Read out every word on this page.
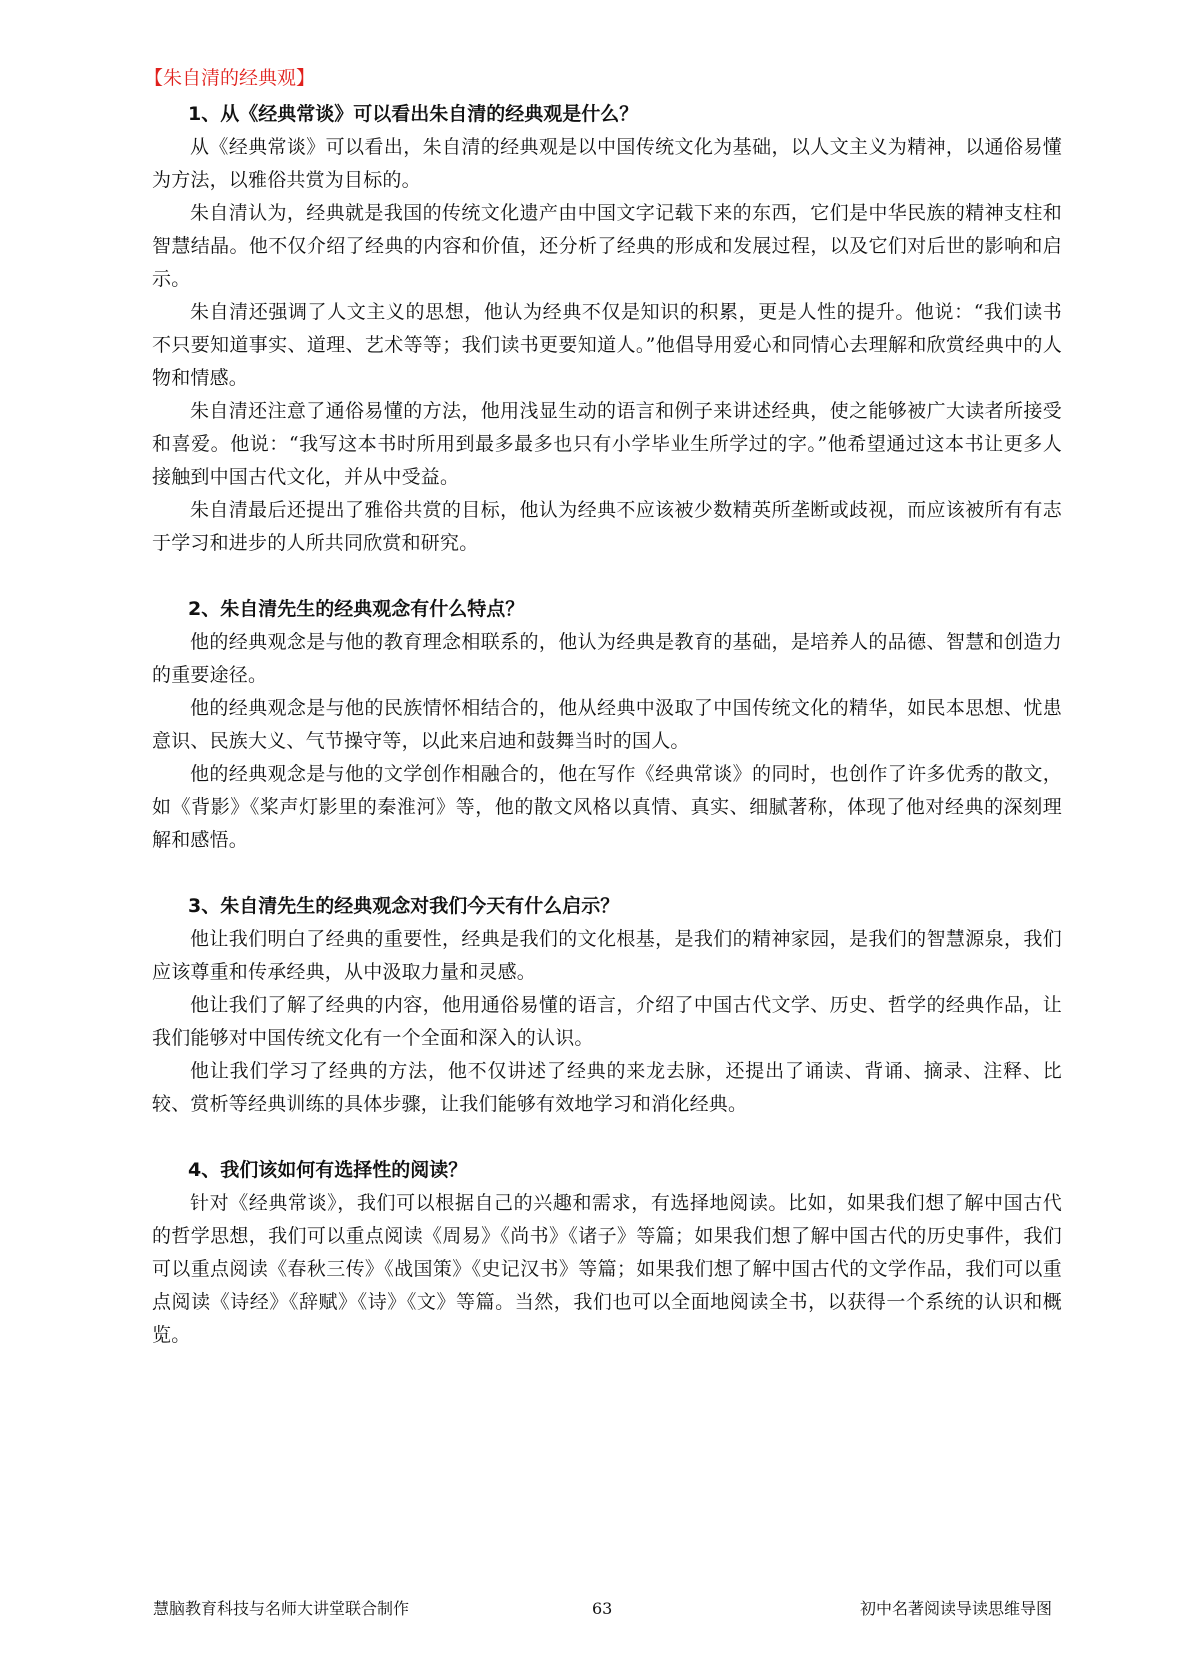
【朱自清的经典观】

1、从《经典常谈》可以看出朱自清的经典观是什么？

从《经典常谈》可以看出，朱自清的经典观是以中国传统文化为基础，以人文主义为精神，以通俗易懂为方法，以雅俗共赏为目标的。

朱自清认为，经典就是我国的传统文化遗产由中国文字记载下来的东西，它们是中华民族的精神支柱和智慧结晶。他不仅介绍了经典的内容和价值，还分析了经典的形成和发展过程，以及它们对后世的影响和启示。

朱自清还强调了人文主义的思想，他认为经典不仅是知识的积累，更是人性的提升。他说：“我们读书不只要知道事实、道理、艺术等等；我们读书更要知道人。”他倡导用爱心和同情心去理解和欣赏经典中的人物和情感。

朱自清还注意了通俗易懂的方法，他用浅显生动的语言和例子来讲述经典，使之能够被广大读者所接受和喜爱。他说：“我写这本书时所用到最多最多也只有小学毕业生所学过的字。”他希望通过这本书让更多人接触到中国古代文化，并从中受益。

朱自清最后还提出了雅俗共赏的目标，他认为经典不应该被少数精英所垄断或歧视，而应该被所有有志于学习和进步的人所共同欣赏和研究。

2、朱自清先生的经典观念有什么特点？

他的经典观念是与他的教育理念相联系的，他认为经典是教育的基础，是培养人的品德、智慧和创造力的重要途径。

他的经典观念是与他的民族情怀相结合的，他从经典中汲取了中国传统文化的精华，如民本思想、忧患意识、民族大义、气节操守等，以此来启迪和鼓舞当时的国人。

他的经典观念是与他的文学创作相融合的，他在写作《经典常谈》的同时，也创作了许多优秀的散文，如《背影》《桨声灯影里的秦淮河》等，他的散文风格以真情、真实、细腻著称，体现了他对经典的深刻理解和感悟。

3、朱自清先生的经典观念对我们今天有什么启示？

他让我们明白了经典的重要性，经典是我们的文化根基，是我们的精神家园，是我们的智慧源泉，我们应该尊重和传承经典，从中汲取力量和灵感。

他让我们了解了经典的内容，他用通俗易懂的语言，介绍了中国古代文学、历史、哲学的经典作品，让我们能够对中国传统文化有一个全面和深入的认识。

他让我们学习了经典的方法，他不仅讲述了经典的来龙去脉，还提出了诵读、背诵、摘录、注释、比较、赏析等经典训练的具体步骤，让我们能够有效地学习和消化经典。

4、我们该如何有选择性的阅读？

针对《经典常谈》，我们可以根据自己的兴趣和需求，有选择地阅读。比如，如果我们想了解中国古代的哲学思想，我们可以重点阅读《周易》《尚书》《诸子》等篇；如果我们想了解中国古代的历史事件，我们可以重点阅读《春秋三传》《战国策》《史记汉书》等篇；如果我们想了解中国古代的文学作品，我们可以重点阅读《诗经》《辞赋》《诗》《文》等篇。当然，我们也可以全面地阅读全书，以获得一个系统的认识和概览。

慧脑教育科技与名师大讲堂联合制作	63	初中名著阅读导读思维导图
